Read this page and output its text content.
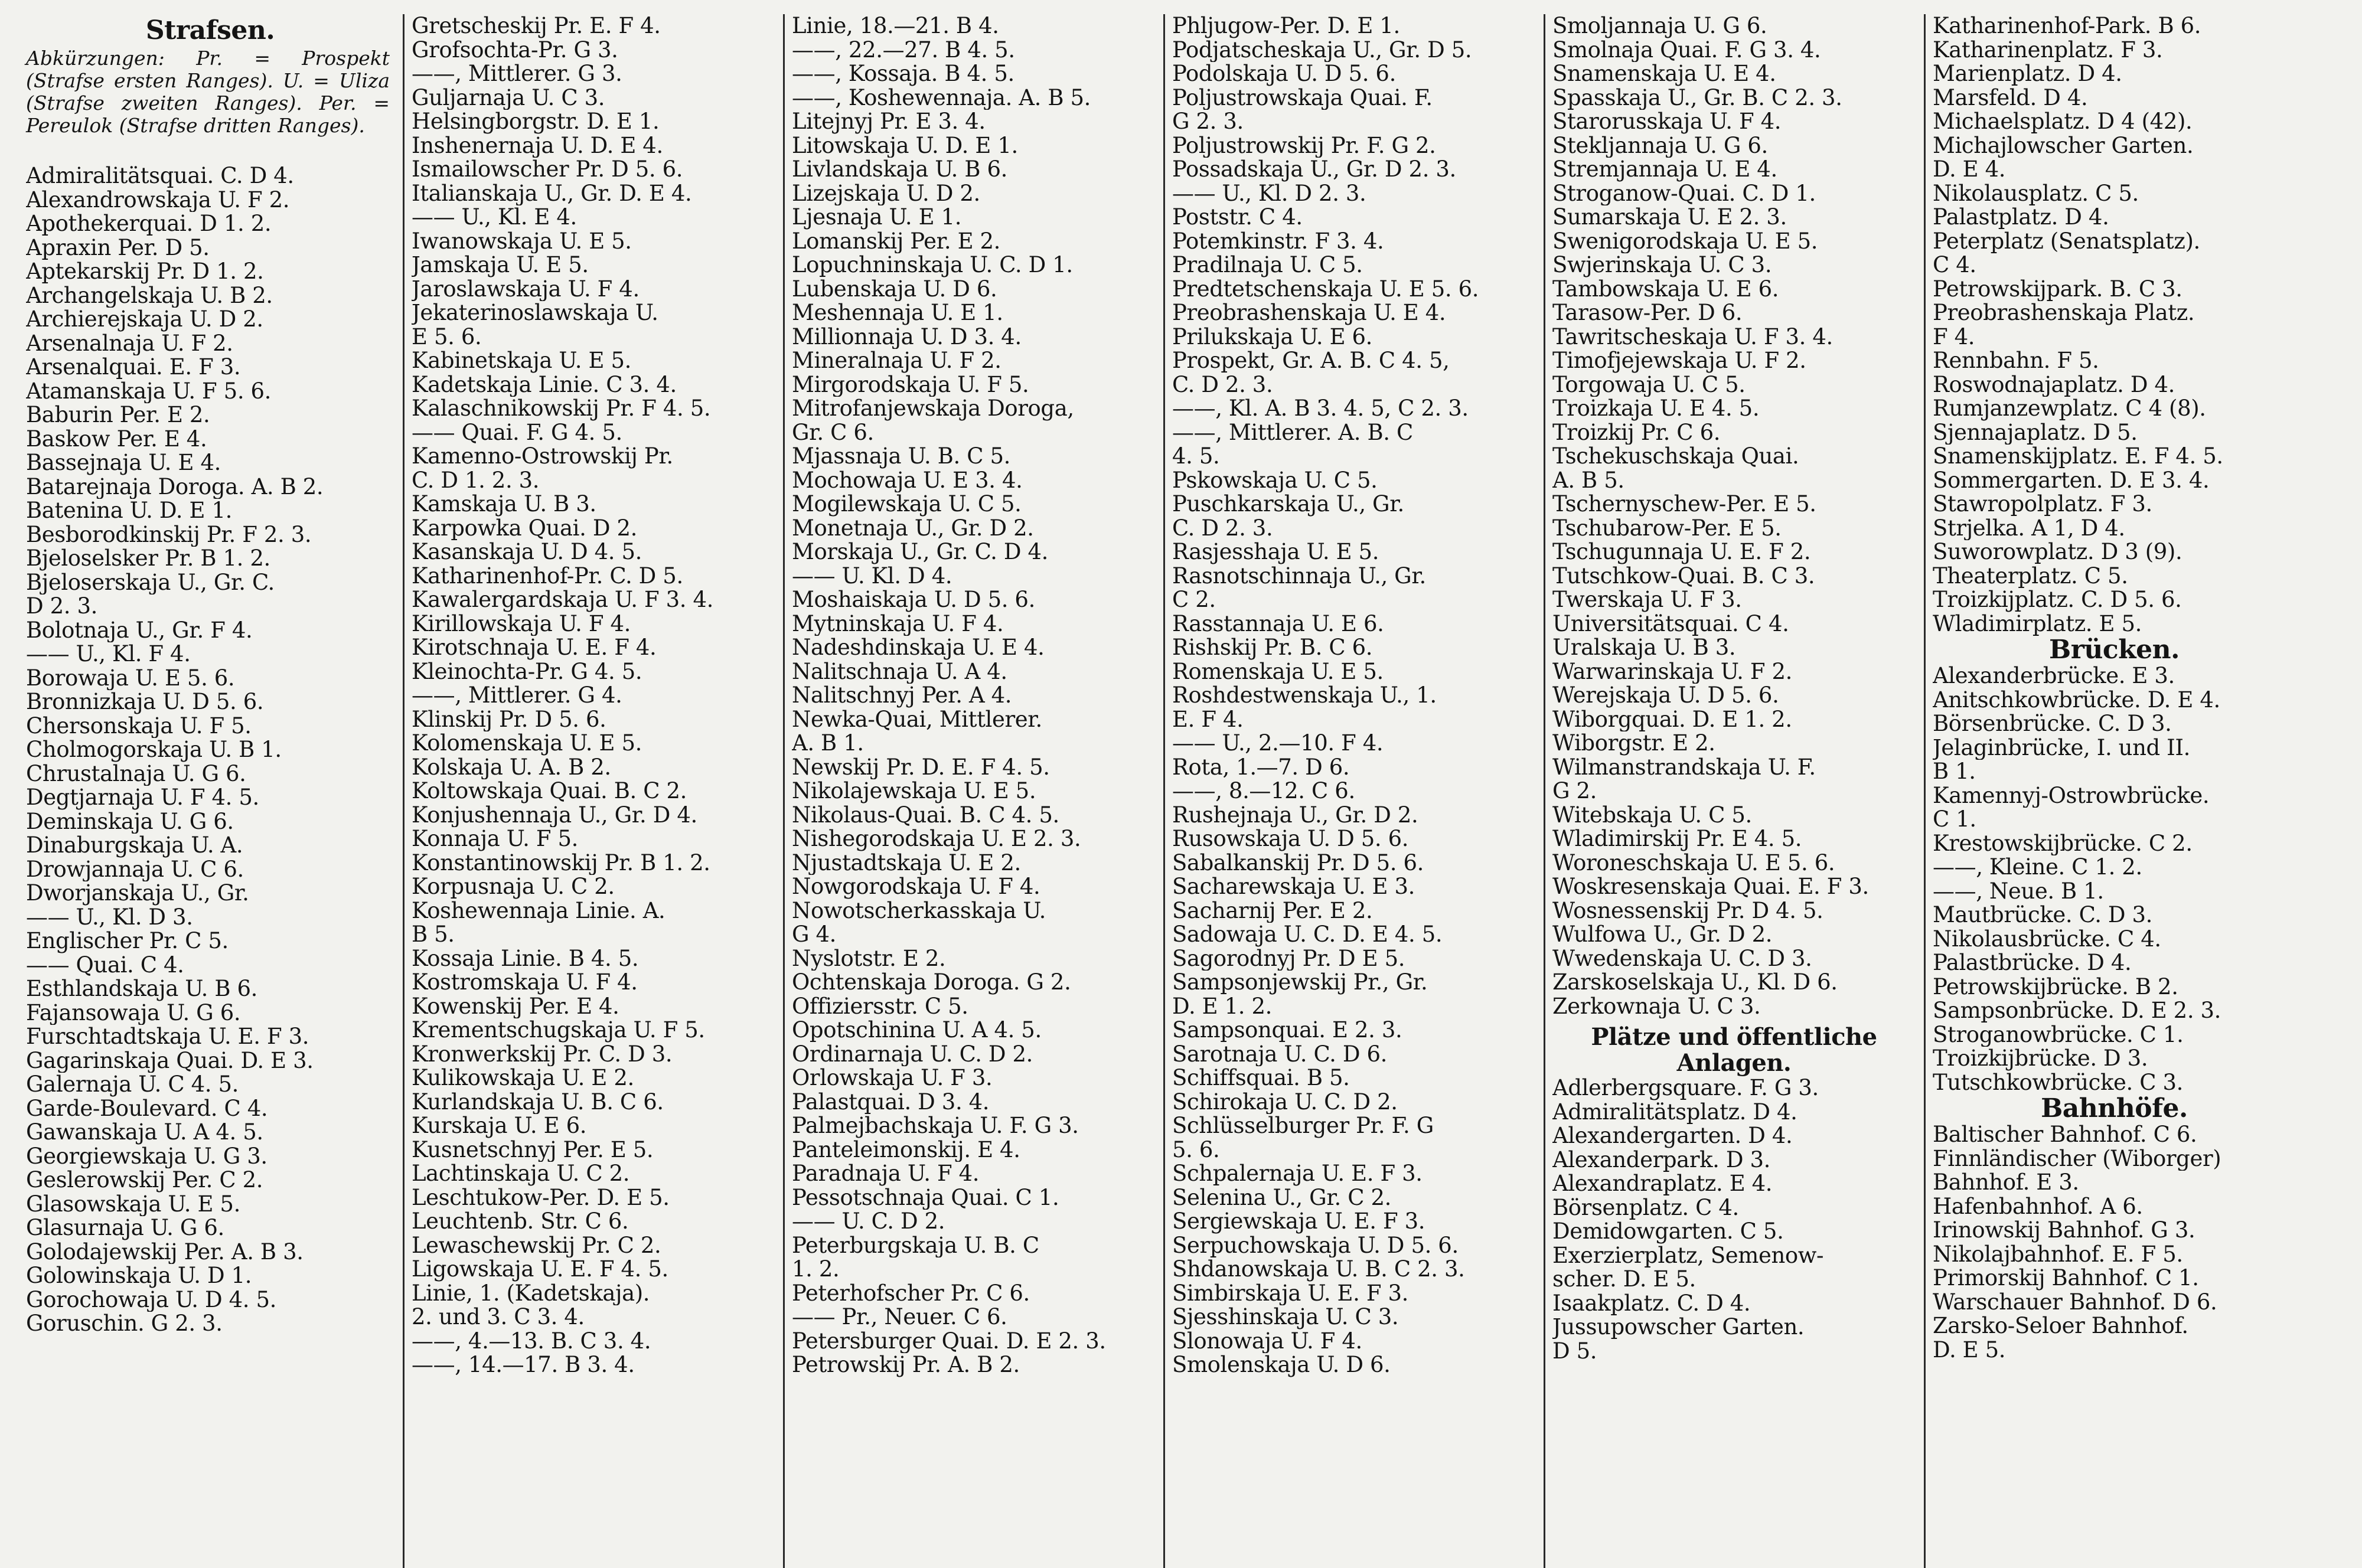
Strafsen.
Abkürzungen: Pr. = Prospekt (Strafse ersten Ranges). U. = Uliza (Strafse zweiten Ranges). Per. = Pereulok (Strafse dritten Ranges).
Admiralitätsquai. C. D 4.
Alexandrowskaja U. F 2.
Apothekerquai. D 1. 2.
Apraxin Per. D 5.
Aptekarskij Pr. D 1. 2.
Archangelskaja U. B 2.
Archierejskaja U. D 2.
Arsenalnaja U. F 2.
Arsenalquai. E. F 3.
Atamanskaja U. F 5. 6.
Baburin Per. E 2.
Baskow Per. E 4.
Bassejnaja U. E 4.
Batarejnaja Doroga. A. B 2.
Batenina U. D. E 1.
Besborodkinskij Pr. F 2. 3.
Bjeloselsker Pr. B 1. 2.
Bjeloserskaja U., Gr. C.
D 2. 3.
Bolotnaja U., Gr. F 4.
—— U., Kl. F 4.
Borowaja U. E 5. 6.
Bronnizkaja U. D 5. 6.
Chersonskaja U. F 5.
Cholmogorskaja U. B 1.
Chrustalnaja U. G 6.
Degtjarnaja U. F 4. 5.
Deminskaja U. G 6.
Dinaburgskaja U. A.
Drowjannaja U. C 6.
Dworjanskaja U., Gr.
—— U., Kl. D 3.
Englischer Pr. C 5.
—— Quai. C 4.
Esthlandskaja U. B 6.
Fajansowaja U. G 6.
Furschtadtskaja U. E. F 3.
Gagarinskaja Quai. D. E 3.
Galernaja U. C 4. 5.
Garde-Boulevard. C 4.
Gawanskaja U. A 4. 5.
Georgiewskaja U. G 3.
Geslerowskij Per. C 2.
Glasowskaja U. E 5.
Glasurnaja U. G 6.
Golodajewskij Per. A. B 3.
Golowinskaja U. D 1.
Gorochowaja U. D 4. 5.
Goruschin. G 2. 3.
Gretscheskij Pr. E. F 4.
Grofsochta-Pr. G 3.
——, Mittlerer. G 3.
Guljarnaja U. C 3.
Helsingborgstr. D. E 1.
Inshenernaja U. D. E 4.
Ismailowscher Pr. D 5. 6.
Italianskaja U., Gr. D. E 4.
—— U., Kl. E 4.
Iwanowskaja U. E 5.
Jamskaja U. E 5.
Jaroslawskaja U. F 4.
Jekaterinoslawskaja U.
E 5. 6.
Kabinetskaja U. E 5.
Kadetskaja Linie. C 3. 4.
Kalaschnikowskij Pr. F 4. 5.
—— Quai. F. G 4. 5.
Kamenno-Ostrowskij Pr.
C. D 1. 2. 3.
Kamskaja U. B 3.
Karpowka Quai. D 2.
Kasanskaja U. D 4. 5.
Katharinenhof-Pr. C. D 5.
Kawalergardskaja U. F 3. 4.
Kirillowskaja U. F 4.
Kirotschnaja U. E. F 4.
Kleinochta-Pr. G 4. 5.
——, Mittlerer. G 4.
Klinskij Pr. D 5. 6.
Kolomenskaja U. E 5.
Kolskaja U. A. B 2.
Koltowskaja Quai. B. C 2.
Konjushennaja U., Gr. D 4.
Konnaja U. F 5.
Konstantinowskij Pr. B 1. 2.
Korpusnaja U. C 2.
Koshewennaja Linie. A.
B 5.
Kossaja Linie. B 4. 5.
Kostromskaja U. F 4.
Kowenskij Per. E 4.
Krementschugskaja U. F 5.
Kronwerkskij Pr. C. D 3.
Kulikowskaja U. E 2.
Kurlandskaja U. B. C 6.
Kurskaja U. E 6.
Kusnetschnyj Per. E 5.
Lachtinskaja U. C 2.
Leschtukow-Per. D. E 5.
Leuchtenb. Str. C 6.
Lewaschewskij Pr. C 2.
Ligowskaja U. E. F 4. 5.
Linie, 1. (Kadetskaja).
2. und 3. C 3. 4.
——, 4.—13. B. C 3. 4.
——, 14.—17. B 3. 4.
Linie, 18.—21. B 4.
——, 22.—27. B 4. 5.
——, Kossaja. B 4. 5.
——, Koshewennaja. A. B 5.
Litejnyj Pr. E 3. 4.
Litowskaja U. D. E 1.
Livlandskaja U. B 6.
Lizejskaja U. D 2.
Ljesnaja U. E 1.
Lomanskij Per. E 2.
Lopuchninskaja U. C. D 1.
Lubenskaja U. D 6.
Meshennaja U. E 1.
Millionnaja U. D 3. 4.
Mineralnaja U. F 2.
Mirgorodskaja U. F 5.
Mitrofanjewskaja Doroga,
Gr. C 6.
Mjassnaja U. B. C 5.
Mochowaja U. E 3. 4.
Mogilewskaja U. C 5.
Monetnaja U., Gr. D 2.
Morskaja U., Gr. C. D 4.
—— U. Kl. D 4.
Moshaiskaja U. D 5. 6.
Mytninskaja U. F 4.
Nadeshdinskaja U. E 4.
Nalitschnaja U. A 4.
Nalitschnyj Per. A 4.
Newka-Quai, Mittlerer.
A. B 1.
Newskij Pr. D. E. F 4. 5.
Nikolajewskaja U. E 5.
Nikolaus-Quai. B. C 4. 5.
Nishegorodskaja U. E 2. 3.
Njustadtskaja U. E 2.
Nowgorodskaja U. F 4.
Nowotscherkasskaja U.
G 4.
Nyslotstr. E 2.
Ochtenskaja Doroga. G 2.
Offiziersstr. C 5.
Opotschinina U. A 4. 5.
Ordinarnaja U. C. D 2.
Orlowskaja U. F 3.
Palastquai. D 3. 4.
Palmejbachskaja U. F. G 3.
Panteleimonskij. E 4.
Paradnaja U. F 4.
Pessotschnaja Quai. C 1.
—— U. C. D 2.
Peterburgskaja U. B. C
1. 2.
Peterhofscher Pr. C 6.
—— Pr., Neuer. C 6.
Petersburger Quai. D. E 2. 3.
Petrowskij Pr. A. B 2.
Phljugow-Per. D. E 1.
Podjatscheskaja U., Gr. D 5.
Podolskaja U. D 5. 6.
Poljustrowskaja Quai. F.
G 2. 3.
Poljustrowskij Pr. F. G 2.
Possadskaja U., Gr. D 2. 3.
—— U., Kl. D 2. 3.
Poststr. C 4.
Potemkinstr. F 3. 4.
Pradilnaja U. C 5.
Predtetschenskaja U. E 5. 6.
Preobrashenskaja U. E 4.
Prilukskaja U. E 6.
Prospekt, Gr. A. B. C 4. 5,
C. D 2. 3.
——, Kl. A. B 3. 4. 5, C 2. 3.
——, Mittlerer. A. B. C
4. 5.
Pskowskaja U. C 5.
Puschkarskaja U., Gr.
C. D 2. 3.
Rasjesshaja U. E 5.
Rasnotschinnaja U., Gr.
C 2.
Rasstannaja U. E 6.
Rishskij Pr. B. C 6.
Romenskaja U. E 5.
Roshdestwenskaja U., 1.
E. F 4.
—— U., 2.—10. F 4.
Rota, 1.—7. D 6.
——, 8.—12. C 6.
Rushejnaja U., Gr. D 2.
Rusowskaja U. D 5. 6.
Sabalkanskij Pr. D 5. 6.
Sacharewskaja U. E 3.
Sacharnij Per. E 2.
Sadowaja U. C. D. E 4. 5.
Sagorodnyj Pr. D E 5.
Sampsonjewskij Pr., Gr.
D. E 1. 2.
Sampsonquai. E 2. 3.
Sarotnaja U. C. D 6.
Schiffsquai. B 5.
Schirokaja U. C. D 2.
Schlüsselburger Pr. F. G
5. 6.
Schpalernaja U. E. F 3.
Selenina U., Gr. C 2.
Sergiewskaja U. E. F 3.
Serpuchowskaja U. D 5. 6.
Shdanowskaja U. B. C 2. 3.
Simbirskaja U. E. F 3.
Sjesshinskaja U. C 3.
Slonowaja U. F 4.
Smolenskaja U. D 6.
Smoljannaja U. G 6.
Smolnaja Quai. F. G 3. 4.
Snamenskaja U. E 4.
Spasskaja U., Gr. B. C 2. 3.
Starorusskaja U. F 4.
Stekljannaja U. G 6.
Stremjannaja U. E 4.
Stroganow-Quai. C. D 1.
Sumarskaja U. E 2. 3.
Swenigorodskaja U. E 5.
Swjerinskaja U. C 3.
Tambowskaja U. E 6.
Tarasow-Per. D 6.
Tawritscheskaja U. F 3. 4.
Timofjejewskaja U. F 2.
Torgowaja U. C 5.
Troizkaja U. E 4. 5.
Troizkij Pr. C 6.
Tschekuschskaja Quai.
A. B 5.
Tschernyschew-Per. E 5.
Tschubarow-Per. E 5.
Tschugunnaja U. E. F 2.
Tutschkow-Quai. B. C 3.
Twerskaja U. F 3.
Universitätsquai. C 4.
Uralskaja U. B 3.
Warwarinskaja U. F 2.
Werejskaja U. D 5. 6.
Wiborgquai. D. E 1. 2.
Wiborgstr. E 2.
Wilmanstrandskaja U. F.
G 2.
Witebskaja U. C 5.
Wladimirskij Pr. E 4. 5.
Woroneschskaja U. E 5. 6.
Woskresenskaja Quai. E. F 3.
Wosnessenskij Pr. D 4. 5.
Wulfowa U., Gr. D 2.
Wwedenskaja U. C. D 3.
Zarskoselskaja U., Kl. D 6.
Zerkownaja U. C 3.
Plätze und öffentliche Anlagen.
Adlerbergsquare. F. G 3.
Admiralitätsplatz. D 4.
Alexandergarten. D 4.
Alexanderpark. D 3.
Alexandraplatz. E 4.
Börsenplatz. C 4.
Demidowgarten. C 5.
Exerzierplatz, Semenow-
scher. D. E 5.
Isaakplatz. C. D 4.
Jussupowscher Garten.
D 5.
Katharinenhof-Park. B 6.
Katharinenplatz. F 3.
Marienplatz. D 4.
Marsfeld. D 4.
Michaelsplatz. D 4 (42).
Michajlowscher Garten.
D. E 4.
Nikolausplatz. C 5.
Palastplatz. D 4.
Peterplatz (Senatsplatz).
C 4.
Petrowskijpark. B. C 3.
Preobrashenskaja Platz.
F 4.
Rennbahn. F 5.
Roswodnajaplatz. D 4.
Rumjanzewplatz. C 4 (8).
Sjennajaplatz. D 5.
Snamenskijplatz. E. F 4. 5.
Sommergarten. D. E 3. 4.
Stawropolplatz. F 3.
Strjelka. A 1, D 4.
Suworowplatz. D 3 (9).
Theaterplatz. C 5.
Troizkijplatz. C. D 5. 6.
Wladimirplatz. E 5.
Brücken.
Alexanderbrücke. E 3.
Anitschkowbrücke. D. E 4.
Börsenbrücke. C. D 3.
Jelaginbrücke, I. und II.
B 1.
Kamennyj-Ostrowbrücke.
C 1.
Krestowskijbrücke. C 2.
——, Kleine. C 1. 2.
——, Neue. B 1.
Mautbrücke. C. D 3.
Nikolausbrücke. C 4.
Palastbrücke. D 4.
Petrowskijbrücke. B 2.
Sampsonbrücke. D. E 2. 3.
Stroganowbrücke. C 1.
Troizkijbrücke. D 3.
Tutschkowbrücke. C 3.
Bahnhöfe.
Baltischer Bahnhof. C 6.
Finnländischer (Wiborger)
Bahnhof. E 3.
Hafenbahnhof. A 6.
Irinowskij Bahnhof. G 3.
Nikolajbahnhof. E. F 5.
Primorskij Bahnhof. C 1.
Warschauer Bahnhof. D 6.
Zarsko-Seloer Bahnhof.
D. E 5.
